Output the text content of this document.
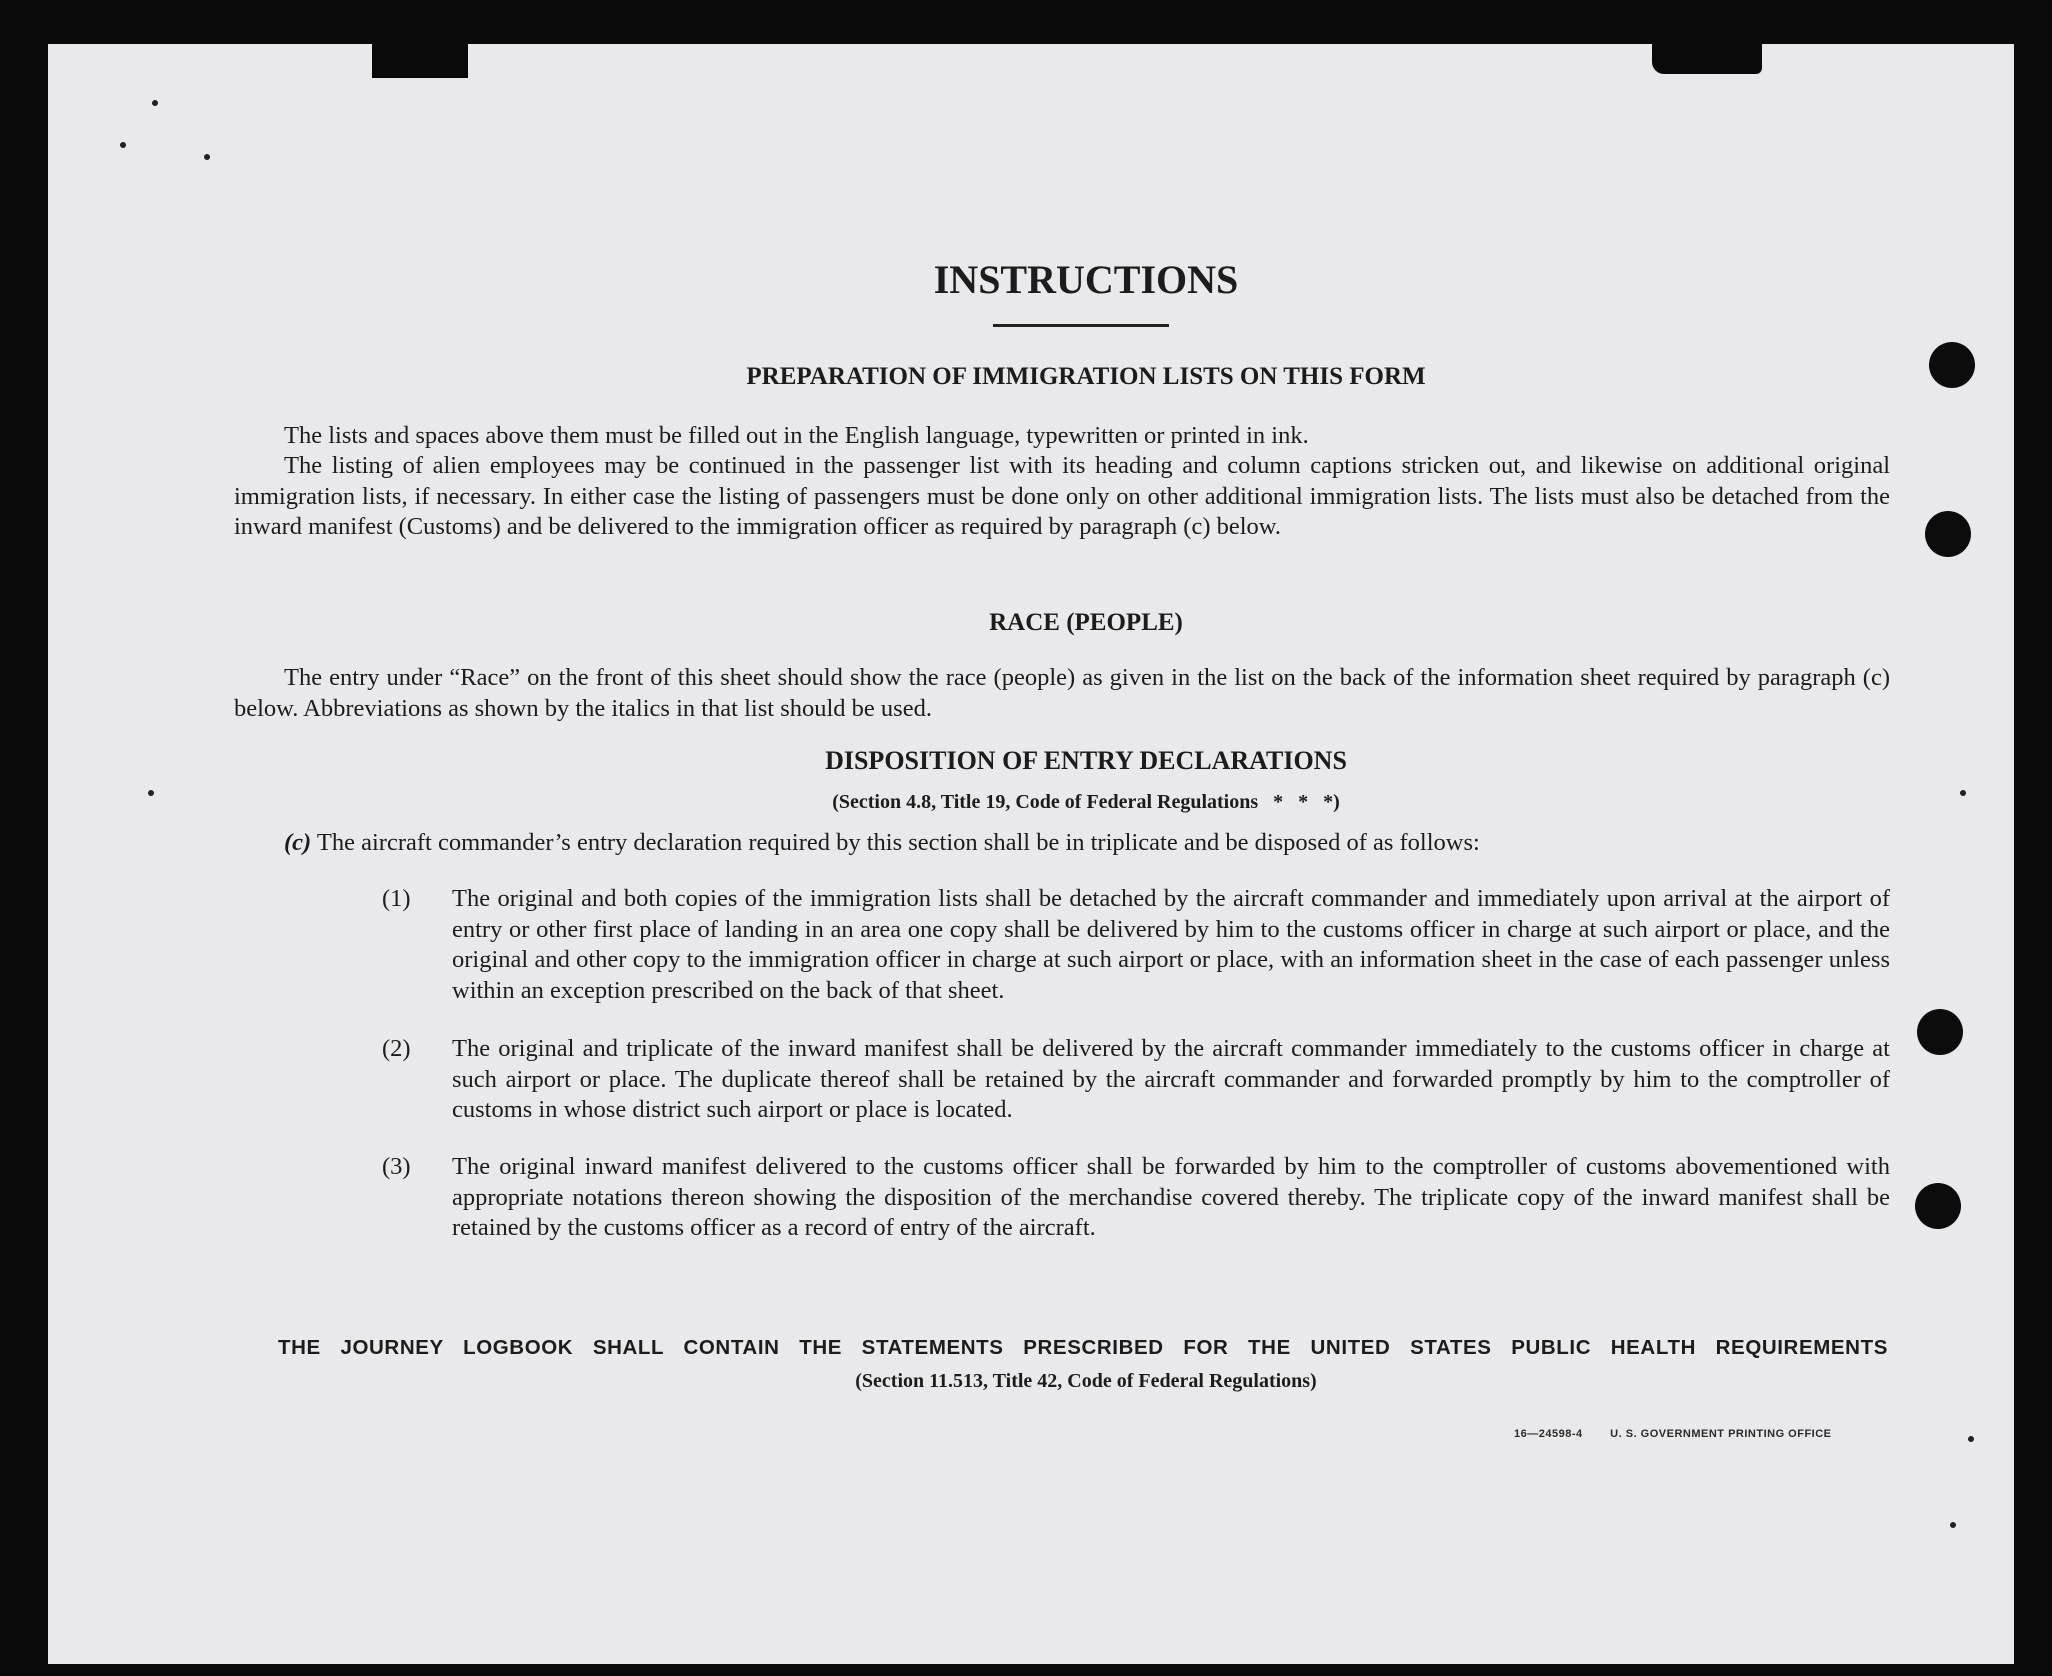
INSTRUCTIONS
PREPARATION OF IMMIGRATION LISTS ON THIS FORM

The lists and spaces above them must be filled out in the English language, typewritten or printed in ink.

The listing of alien employees may be continued in the passenger list with its heading and column captions stricken out, and likewise on additional original immigration lists, if necessary. In either case the listing of passengers must be done only on other additional immigration lists. The lists must also be detached from the inward manifest (Customs) and be delivered to the immigration officer as required by paragraph (c) below.

RACE (PEOPLE)

The entry under “Race” on the front of this sheet should show the race (people) as given in the list on the back of the information sheet required by paragraph (c) below. Abbreviations as shown by the italics in that list should be used.

DISPOSITION OF ENTRY DECLARATIONS

(Section 4.8, Title 19, Code of Federal Regulations   *   *   *)

(c) The aircraft commander’s entry declaration required by this section shall be in triplicate and be disposed of as follows:

(1)	The original and both copies of the immigration lists shall be detached by the aircraft commander and immediately upon arrival at the airport of entry or other first place of landing in an area one copy shall be delivered by him to the customs officer in charge at such airport or place, and the original and other copy to the immigration officer in charge at such airport or place, with an information sheet in the case of each passenger unless within an exception prescribed on the back of that sheet.

(2)	The original and triplicate of the inward manifest shall be delivered by the aircraft commander immediately to the customs officer in charge at such airport or place. The duplicate thereof shall be retained by the aircraft commander and forwarded promptly by him to the comptroller of customs in whose district such airport or place is located.

(3)	The original inward manifest delivered to the customs officer shall be forwarded by him to the comptroller of customs abovementioned with appropriate notations thereon showing the disposition of the merchandise covered thereby. The triplicate copy of the inward manifest shall be retained by the customs officer as a record of entry of the aircraft.

THE JOURNEY LOGBOOK SHALL CONTAIN THE STATEMENTS PRESCRIBED FOR THE UNITED STATES PUBLIC HEALTH REQUIREMENTS

(Section 11.513, Title 42, Code of Federal Regulations)

16—24598-4	U. S. GOVERNMENT PRINTING OFFICE
